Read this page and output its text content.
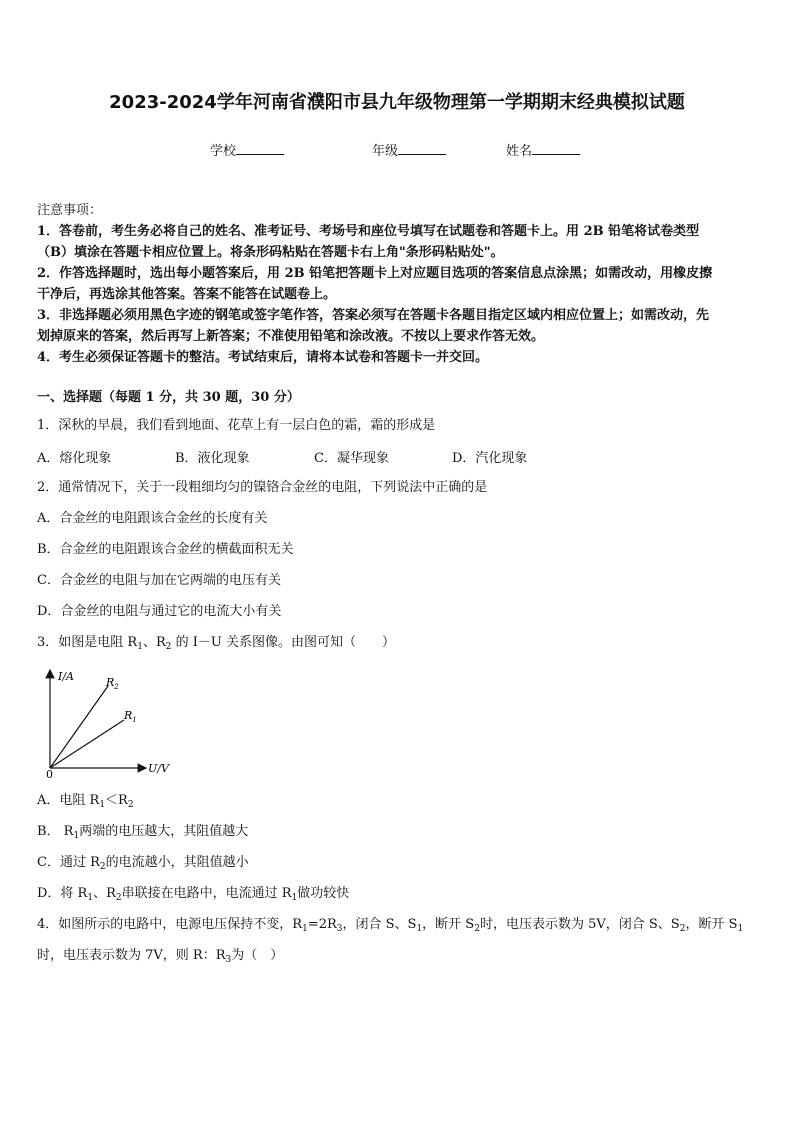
2023-2024学年河南省濮阳市县九年级物理第一学期期末经典模拟试题
学校	年级	姓名
注意事项：
1．答卷前，考生务必将自己的姓名、准考证号、考场号和座位号填写在试题卷和答题卡上。用 2B 铅笔将试卷类型
（B）填涂在答题卡相应位置上。将条形码粘贴在答题卡右上角"条形码粘贴处"。
2．作答选择题时，选出每小题答案后，用 2B 铅笔把答题卡上对应题目选项的答案信息点涂黑；如需改动，用橡皮擦
干净后，再选涂其他答案。答案不能答在试题卷上。
3．非选择题必须用黑色字迹的钢笔或签字笔作答，答案必须写在答题卡各题目指定区域内相应位置上；如需改动，先
划掉原来的答案，然后再写上新答案；不准使用铅笔和涂改液。不按以上要求作答无效。
4．考生必须保证答题卡的整洁。考试结束后，请将本试卷和答题卡一并交回。
一、选择题（每题 1 分，共 30 题，30 分）
1．深秋的早晨，我们看到地面、花草上有一层白色的霜，霜的形成是
A．熔化现象	B．液化现象	C．凝华现象	D．汽化现象
2．通常情况下，关于一段粗细均匀的镍铬合金丝的电阻，下列说法中正确的是
A．合金丝的电阻跟该合金丝的长度有关
B．合金丝的电阻跟该合金丝的横截面积无关
C．合金丝的电阻与加在它两端的电压有关
D．合金丝的电阻与通过它的电流大小有关
3．如图是电阻 $R_1$、$R_2$ 的 I－U 关系图像。由图可知（　　）
I/A
U/V
0
$R_2$
$R_1$
A．电阻 $R_1<R_2$
B． $R_1$两端的电压越大，其阻值越大
C．通过 $R_2$的电流越小，其阻值越小
D．将 $R_1$、$R_2$串联接在电路中，电流通过 $R_1$做功较快
4．如图所示的电路中，电源电压保持不变，$R_1=2R_3$，闭合 S、$S_1$，断开 $S_2$时，电压表示数为 5V，闭合 S、$S_2$，断开 $S_1$
时，电压表示数为 7V，则 R：$R_3$为（　）
